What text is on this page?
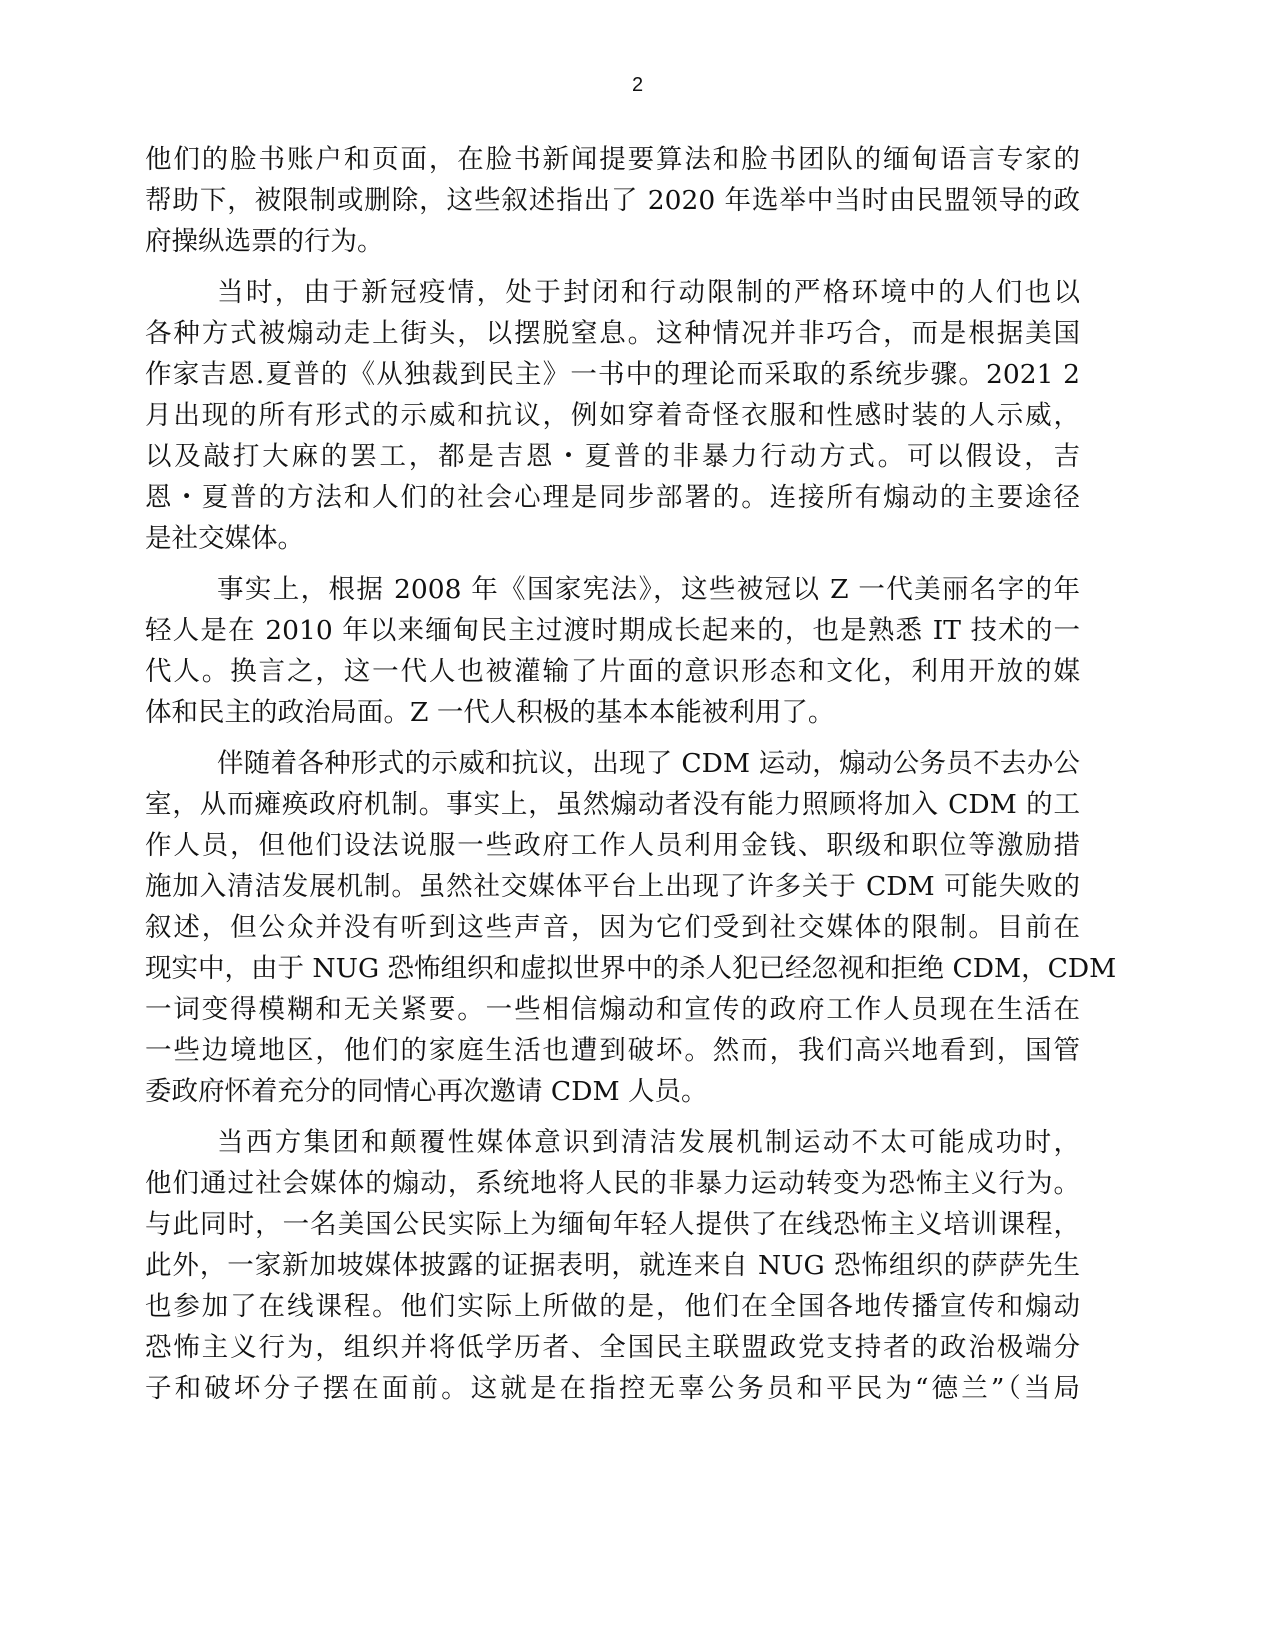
2

他们的脸书账户和页面，在脸书新闻提要算法和脸书团队的缅甸语言专家的
帮助下，被限制或删除，这些叙述指出了 2020 年选举中当时由民盟领导的政
府操纵选票的行为。

当时，由于新冠疫情，处于封闭和行动限制的严格环境中的人们也以
各种方式被煽动走上街头，以摆脱窒息。这种情况并非巧合，而是根据美国
作家吉恩.夏普的《从独裁到民主》一书中的理论而采取的系统步骤。2021 2
月出现的所有形式的示威和抗议，例如穿着奇怪衣服和性感时装的人示威，
以及敲打大麻的罢工，都是吉恩・夏普的非暴力行动方式。可以假设，吉
恩・夏普的方法和人们的社会心理是同步部署的。连接所有煽动的主要途径
是社交媒体。

事实上，根据 2008 年《国家宪法》，这些被冠以 Z 一代美丽名字的年
轻人是在 2010 年以来缅甸民主过渡时期成长起来的，也是熟悉 IT 技术的一
代人。换言之，这一代人也被灌输了片面的意识形态和文化，利用开放的媒
体和民主的政治局面。Z 一代人积极的基本本能被利用了。

伴随着各种形式的示威和抗议，出现了 CDM 运动，煽动公务员不去办公
室，从而瘫痪政府机制。事实上，虽然煽动者没有能力照顾将加入 CDM 的工
作人员，但他们设法说服一些政府工作人员利用金钱、职级和职位等激励措
施加入清洁发展机制。虽然社交媒体平台上出现了许多关于 CDM 可能失败的
叙述，但公众并没有听到这些声音，因为它们受到社交媒体的限制。目前在
现实中，由于 NUG 恐怖组织和虚拟世界中的杀人犯已经忽视和拒绝 CDM，CDM
一词变得模糊和无关紧要。一些相信煽动和宣传的政府工作人员现在生活在
一些边境地区，他们的家庭生活也遭到破坏。然而，我们高兴地看到，国管
委政府怀着充分的同情心再次邀请 CDM 人员。

当西方集团和颠覆性媒体意识到清洁发展机制运动不太可能成功时，
他们通过社会媒体的煽动，系统地将人民的非暴力运动转变为恐怖主义行为。
与此同时，一名美国公民实际上为缅甸年轻人提供了在线恐怖主义培训课程，
此外，一家新加坡媒体披露的证据表明，就连来自 NUG 恐怖组织的萨萨先生
也参加了在线课程。他们实际上所做的是，他们在全国各地传播宣传和煽动
恐怖主义行为，组织并将低学历者、全国民主联盟政党支持者的政治极端分
子和破坏分子摆在面前。这就是在指控无辜公务员和平民为“德兰”（当局
